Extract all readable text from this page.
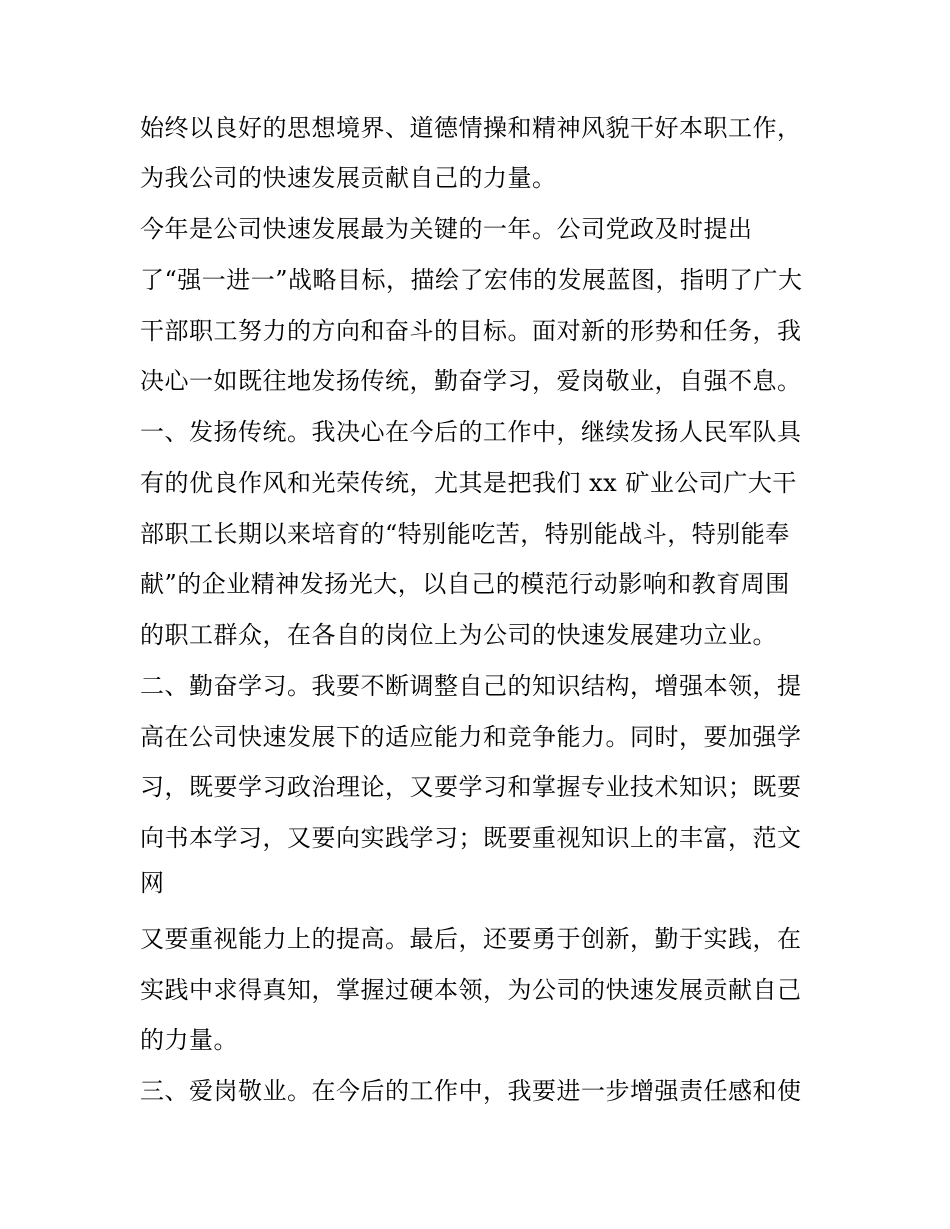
始终以良好的思想境界、道德情操和精神风貌干好本职工作，
为我公司的快速发展贡献自己的力量。
今年是公司快速发展最为关键的一年。公司党政及时提出
了“强一进一”战略目标，描绘了宏伟的发展蓝图，指明了广大
干部职工努力的方向和奋斗的目标。面对新的形势和任务，我
决心一如既往地发扬传统，勤奋学习，爱岗敬业，自强不息。
一、发扬传统。我决心在今后的工作中，继续发扬人民军队具
有的优良作风和光荣传统，尤其是把我们 xx 矿业公司广大干
部职工长期以来培育的“特别能吃苦，特别能战斗，特别能奉
献”的企业精神发扬光大，以自己的模范行动影响和教育周围
的职工群众，在各自的岗位上为公司的快速发展建功立业。
二、勤奋学习。我要不断调整自己的知识结构，增强本领，提
高在公司快速发展下的适应能力和竞争能力。同时，要加强学
习，既要学习政治理论，又要学习和掌握专业技术知识；既要
向书本学习，又要向实践学习；既要重视知识上的丰富，范文
网
又要重视能力上的提高。最后，还要勇于创新，勤于实践，在
实践中求得真知，掌握过硬本领，为公司的快速发展贡献自己
的力量。
三、爱岗敬业。在今后的工作中，我要进一步增强责任感和使
